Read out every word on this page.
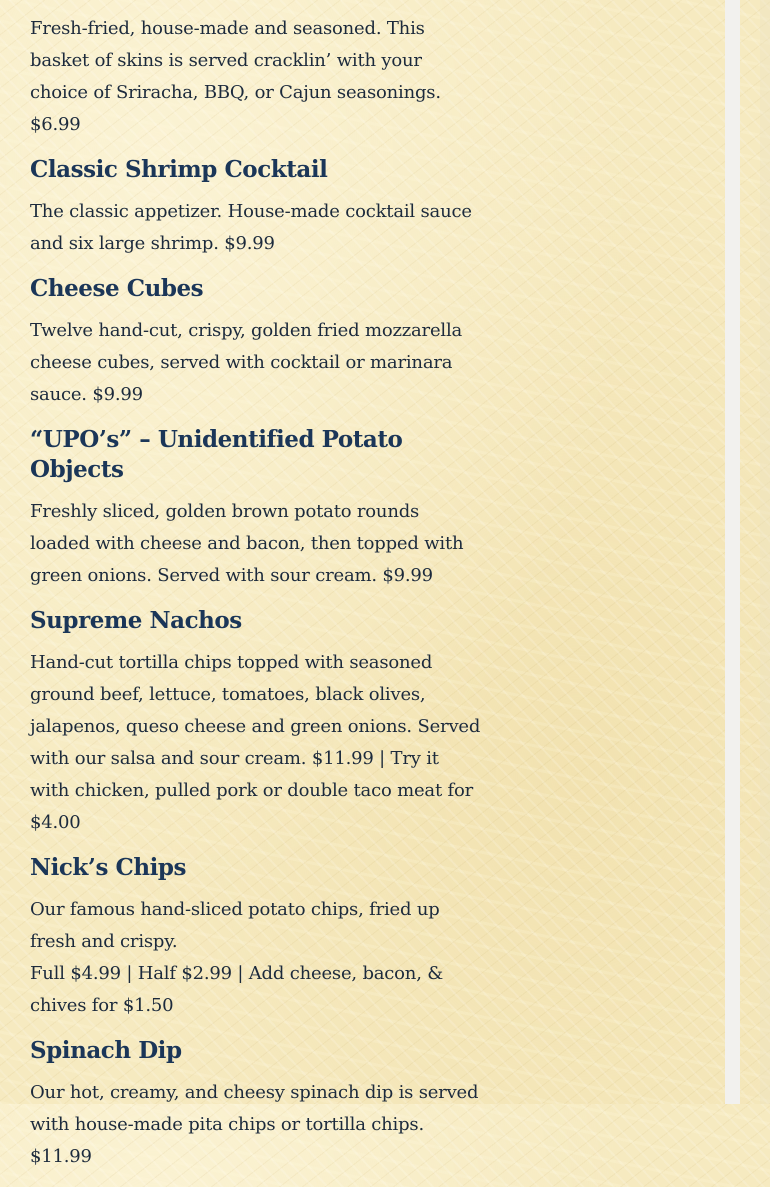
Fresh-fried, house-made and seasoned. This basket of skins is served cracklin’ with your choice of Sriracha, BBQ, or Cajun seasonings. $6.99

Classic Shrimp Cocktail

The classic appetizer. House-made cocktail sauce and six large shrimp. $9.99

Cheese Cubes

Twelve hand-cut, crispy, golden fried mozzarella cheese cubes, served with cocktail or marinara sauce. $9.99

“UPO’s” – Unidentified Potato Objects

Freshly sliced, golden brown potato rounds loaded with cheese and bacon, then topped with green onions. Served with sour cream. $9.99

Supreme Nachos

Hand-cut tortilla chips topped with seasoned ground beef, lettuce, tomatoes, black olives, jalapenos, queso cheese and green onions. Served with our salsa and sour cream. $11.99 | Try it with chicken, pulled pork or double taco meat for $4.00

Nick’s Chips

Our famous hand-sliced potato chips, fried up fresh and crispy.

Full $4.99 | Half $2.99 | Add cheese, bacon, & chives for $1.50

Spinach Dip

Our hot, creamy, and cheesy spinach dip is served with house-made pita chips or tortilla chips. $11.99
